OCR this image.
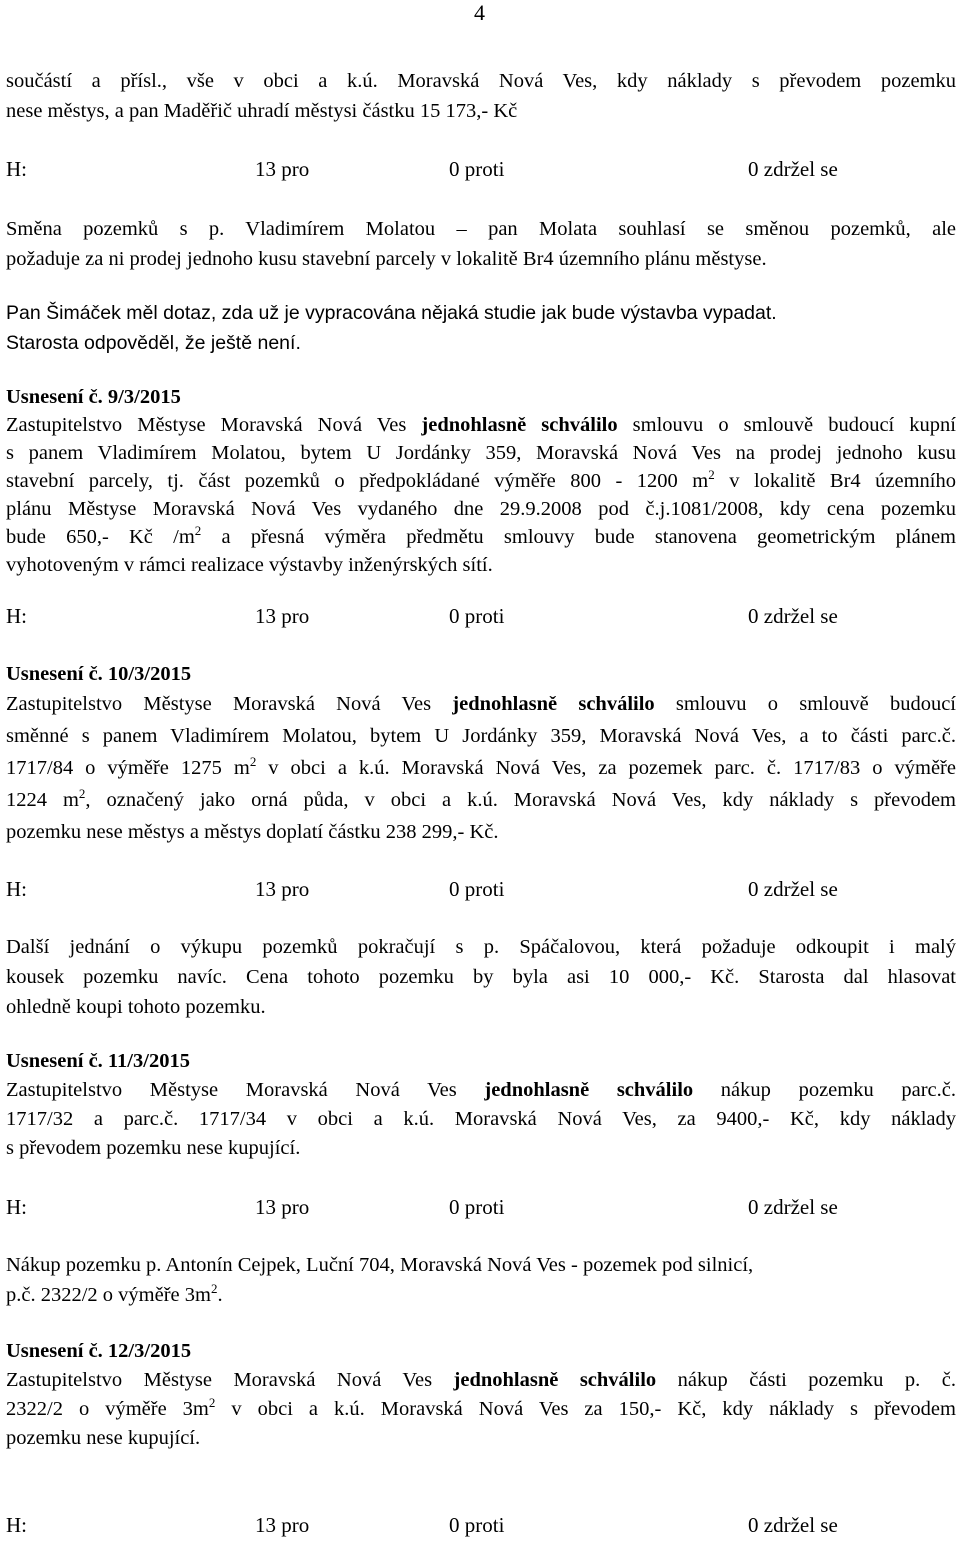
4
součástí a přísl., vše v obci a k.ú. Moravská Nová Ves, kdy náklady s převodem pozemku
nese městys, a pan Maděřič uhradí městysi částku 15 173,- Kč
H:	13 pro	0 proti	0 zdržel se
Směna pozemků s p. Vladimírem Molatou – pan Molata souhlasí se směnou pozemků, ale
požaduje za ni prodej jednoho kusu stavební parcely v lokalitě Br4 územního plánu městyse.
Pan Šimáček měl dotaz, zda už je vypracována nějaká studie jak bude výstavba vypadat.
Starosta odpověděl, že ještě není.
Usnesení č. 9/3/2015
Zastupitelstvo Městyse Moravská Nová Ves jednohlasně schválilo smlouvu o smlouvě budoucí kupní
s panem Vladimírem Molatou, bytem U Jordánky 359, Moravská Nová Ves na prodej jednoho kusu
stavební parcely, tj. část pozemků o předpokládané výměře 800 - 1200 $m^2$ v lokalitě Br4 územního
plánu Městyse Moravská Nová Ves vydaného dne 29.9.2008 pod č.j.1081/2008, kdy cena pozemku
bude 650,- Kč $/m^2$ a přesná výměra předmětu smlouvy bude stanovena geometrickým plánem
vyhotoveným v rámci realizace výstavby inženýrských sítí.
H:	13 pro	0 proti	0 zdržel se
Usnesení č. 10/3/2015
Zastupitelstvo Městyse Moravská Nová Ves jednohlasně schválilo smlouvu o smlouvě budoucí
směnné s panem Vladimírem Molatou, bytem U Jordánky 359, Moravská Nová Ves, a to části parc.č.
1717/84 o výměře 1275 $m^2$ v obci a k.ú. Moravská Nová Ves, za pozemek parc. č. 1717/83 o výměře
1224 $m^2$, označený jako orná půda, v obci a k.ú. Moravská Nová Ves, kdy náklady s převodem
pozemku nese městys a městys doplatí částku 238 299,- Kč.
H:	13 pro	0 proti	0 zdržel se
Další jednání o výkupu pozemků pokračují s p. Spáčalovou, která požaduje odkoupit i malý
kousek pozemku navíc. Cena tohoto pozemku by byla asi 10 000,- Kč. Starosta dal hlasovat
ohledně koupi tohoto pozemku.
Usnesení č. 11/3/2015
Zastupitelstvo Městyse Moravská Nová Ves jednohlasně schválilo nákup pozemku parc.č.
1717/32 a parc.č. 1717/34 v obci a k.ú. Moravská Nová Ves, za 9400,- Kč, kdy náklady
s převodem pozemku nese kupující.
H:	13 pro	0 proti	0 zdržel se
Nákup pozemku p. Antonín Cejpek, Luční 704, Moravská Nová Ves - pozemek pod silnicí,
p.č. 2322/2 o výměře $3m^2$.
Usnesení č. 12/3/2015
Zastupitelstvo Městyse Moravská Nová Ves jednohlasně schválilo nákup části pozemku p. č.
2322/2 o výměře $3m^2$ v obci a k.ú. Moravská Nová Ves za 150,- Kč, kdy náklady s převodem
pozemku nese kupující.
H:	13 pro	0 proti	0 zdržel se
